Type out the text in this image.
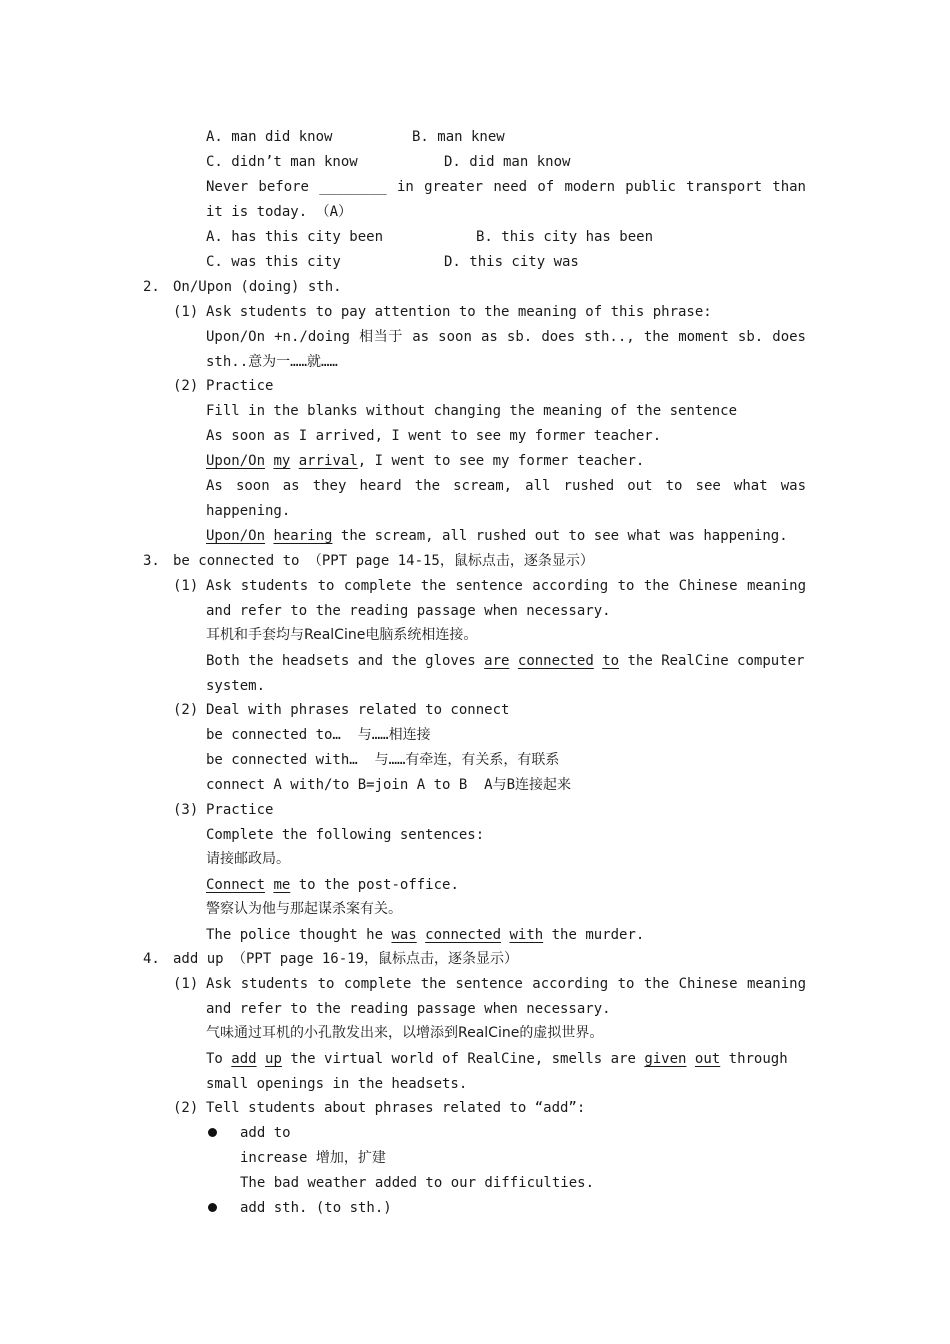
A. man did know	B. man knew
C. didn’t man know	D. did man know
Never before ________ in greater need of modern public transport than
it is today. （A）
A. has this city been	B. this city has been
C. was this city	D. this city was
2. On/Upon (doing) sth.
(1) Ask students to pay attention to the meaning of this phrase:
Upon/On +n./doing 相当于 as soon as sb. does sth.., the moment sb. does
sth..意为一……就……
(2) Practice
Fill in the blanks without changing the meaning of the sentence
As soon as I arrived, I went to see my former teacher.
Upon/On my arrival, I went to see my former teacher.
As soon as they heard the scream, all rushed out to see what was
happening.
Upon/On hearing the scream, all rushed out to see what was happening.
3. be connected to （PPT page 14-15，鼠标点击，逐条显示）
(1) Ask students to complete the sentence according to the Chinese meaning
and refer to the reading passage when necessary.
耳机和手套均与RealCine电脑系统相连接。
Both the headsets and the gloves are connected to the RealCine computer
system.
(2) Deal with phrases related to connect
be connected to…  与……相连接
be connected with…  与……有牵连，有关系，有联系
connect A with/to B=join A to B  A与B连接起来
(3) Practice
Complete the following sentences:
请接邮政局。
Connect me to the post-office.
警察认为他与那起谋杀案有关。
The police thought he was connected with the murder.
4. add up （PPT page 16-19，鼠标点击，逐条显示）
(1) Ask students to complete the sentence according to the Chinese meaning
and refer to the reading passage when necessary.
气味通过耳机的小孔散发出来，以增添到RealCine的虚拟世界。
To add up the virtual world of RealCine, smells are given out through
small openings in the headsets.
(2) Tell students about phrases related to “add”:
add to
increase 增加，扩建
The bad weather added to our difficulties.
add sth. (to sth.)
